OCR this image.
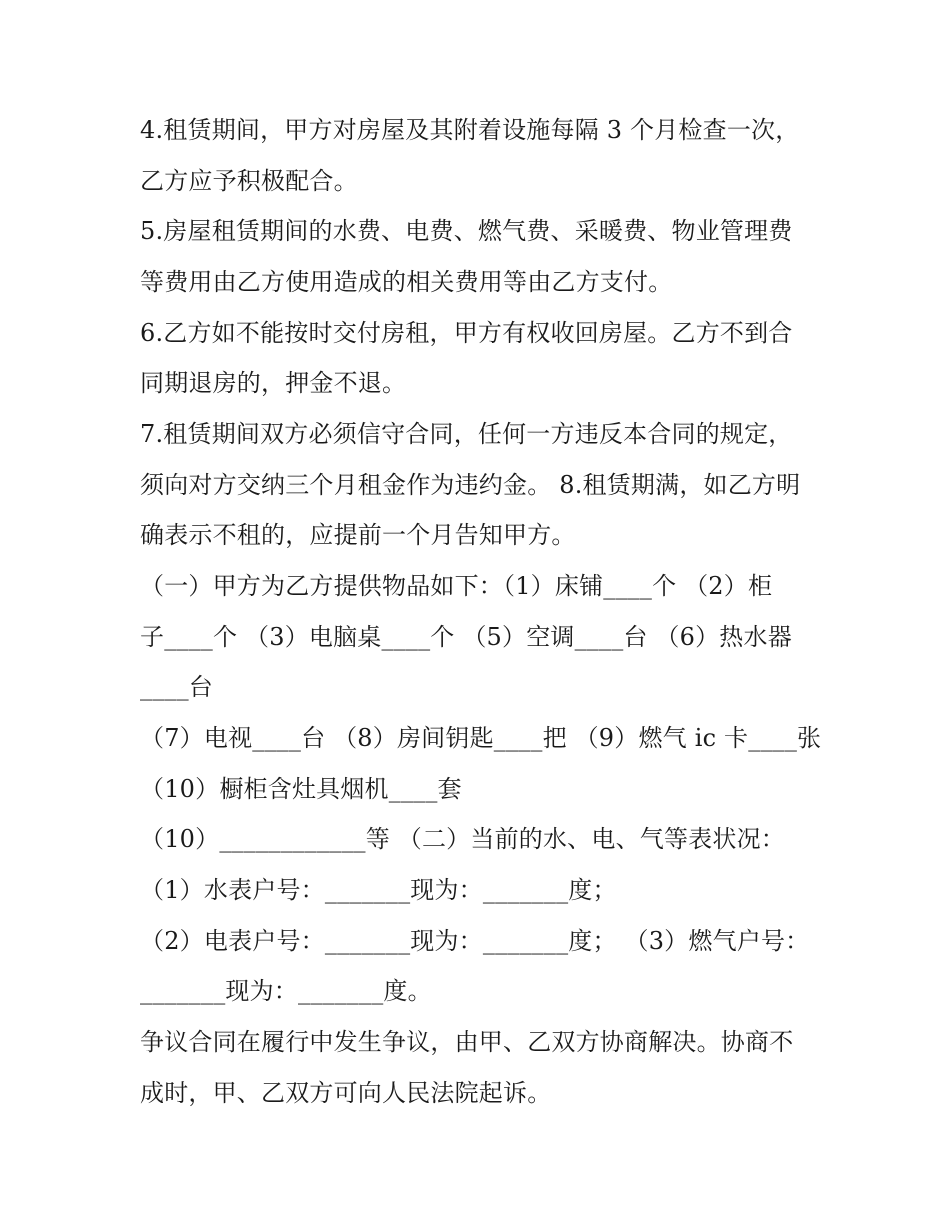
4.租赁期间，甲方对房屋及其附着设施每隔 3 个月检查一次，
乙方应予积极配合。
5.房屋租赁期间的水费、电费、燃气费、采暖费、物业管理费
等费用由乙方使用造成的相关费用等由乙方支付。
6.乙方如不能按时交付房租，甲方有权收回房屋。乙方不到合
同期退房的，押金不退。
7.租赁期间双方必须信守合同，任何一方违反本合同的规定，
须向对方交纳三个月租金作为违约金。 8.租赁期满，如乙方明
确表示不租的，应提前一个月告知甲方。
（一）甲方为乙方提供物品如下：（1）床铺____个 （2）柜
子____个 （3）电脑桌____个 （5）空调____台 （6）热水器
____台
（7）电视____台 （8）房间钥匙____把 （9）燃气 ic 卡____张
（10）橱柜含灶具烟机____套
（10）____________等 （二）当前的水、电、气等表状况：
（1）水表户号：_______现为：_______度；
（2）电表户号：_______现为：_______度； （3）燃气户号：
_______现为：_______度。
争议合同在履行中发生争议，由甲、乙双方协商解决。协商不
成时，甲、乙双方可向人民法院起诉。
